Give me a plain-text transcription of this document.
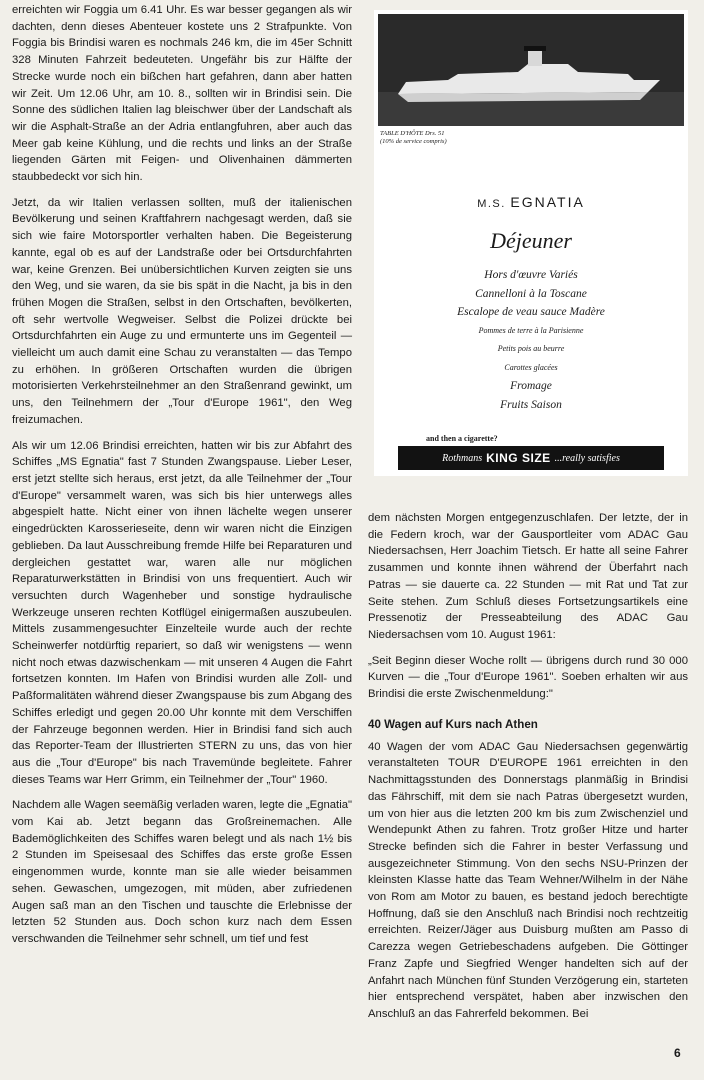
erreichten wir Foggia um 6.41 Uhr. Es war besser gegangen als wir dachten, denn dieses Abenteuer kostete uns 2 Strafpunkte. Von Foggia bis Brindisi waren es nochmals 246 km, die im 45er Schnitt 328 Minuten Fahrzeit bedeuteten. Ungefähr bis zur Hälfte der Strecke wurde noch ein bißchen hart gefahren, dann aber hatten wir Zeit. Um 12.06 Uhr, am 10. 8., sollten wir in Brindisi sein. Die Sonne des südlichen Italien lag bleischwer über der Landschaft als wir die Asphalt-Straße an der Adria entlangfuhren, aber auch das Meer gab keine Kühlung, und die rechts und links an der Straße liegenden Gärten mit Feigen- und Olivenhainen dämmerten staubbedeckt vor sich hin.

Jetzt, da wir Italien verlassen sollten, muß der italienischen Bevölkerung und seinen Kraftfahrern nachgesagt werden, daß sie sich wie faire Motorsportler verhalten haben. Die Begeisterung kannte, egal ob es auf der Landstraße oder bei Ortsdurchfahrten war, keine Grenzen. Bei unübersichtlichen Kurven zeigten sie uns den Weg, und sie waren, da sie bis spät in die Nacht, ja bis in den frühen Mogen die Straßen, selbst in den Ortschaften, bevölkerten, oft sehr wertvolle Wegweiser. Selbst die Polizei drückte bei Ortsdurchfahrten ein Auge zu und ermunterte uns im Gegenteil — vielleicht um auch damit eine Schau zu veranstalten — das Tempo zu erhöhen. In größeren Ortschaften wurden die übrigen motorisierten Verkehrsteilnehmer an den Straßenrand gewinkt, um uns, den Teilnehmern der „Tour d'Europe 1961", den Weg freizumachen.

Als wir um 12.06 Brindisi erreichten, hatten wir bis zur Abfahrt des Schiffes „MS Egnatia" fast 7 Stunden Zwangspause. Lieber Leser, erst jetzt stellte sich heraus, erst jetzt, da alle Teilnehmer der „Tour d'Europe" versammelt waren, was sich bis hier unterwegs alles abgespielt hatte. Nicht einer von ihnen lächelte wegen unserer eingedrückten Karosserieseite, denn wir waren nicht die Einzigen geblieben. Da laut Ausschreibung fremde Hilfe bei Reparaturen und dergleichen gestattet war, waren alle nur möglichen Reparaturwerkstätten in Brindisi von uns frequentiert. Auch wir versuchten durch Wagenheber und sonstige hydraulische Werkzeuge unseren rechten Kotflügel einigermaßen auszubeulen. Mittels zusammengesuchter Einzelteile wurde auch der rechte Scheinwerfer notdürftig repariert, so daß wir wenigstens — wenn nicht noch etwas dazwischenkam — mit unseren 4 Augen die Fahrt fortsetzen konnten. Im Hafen von Brindisi wurden alle Zoll- und Paßformalitäten während dieser Zwangspause bis zum Abgang des Schiffes erledigt und gegen 20.00 Uhr konnte mit dem Verschiffen der Fahrzeuge begonnen werden. Hier in Brindisi fand sich auch das Reporter-Team der Illustrierten STERN zu uns, das von hier aus die „Tour d'Europe" bis nach Travemünde begleitete. Fahrer dieses Teams war Herr Grimm, ein Teilnehmer der „Tour" 1960.

Nachdem alle Wagen seemäßig verladen waren, legte die „Egnatia" vom Kai ab. Jetzt begann das Großreinemachen. Alle Bademöglichkeiten des Schiffes waren belegt und als nach 1½ bis 2 Stunden im Speisesaal des Schiffes das erste große Essen eingenommen wurde, konnte man sie alle wieder beisammen sehen. Gewaschen, umgezogen, mit müden, aber zufriedenen Augen saß man an den Tischen und tauschte die Erlebnisse der letzten 52 Stunden aus. Doch schon kurz nach dem Essen verschwanden die Teilnehmer sehr schnell, um tief und fest

TABLE D'HÔTE Drs. 51
(10% de service compris)
M.S. EGNATIA
Déjeuner
Hors d'œuvre Variés
Cannelloni à la Toscane
Escalope de veau sauce Madère
Pommes de terre à la Parisienne
Petits pois au beurre
Carottes glacées
Fromage
Fruits Saison
and then a cigarette?
Rothmans KING SIZE ...really satisfies

dem nächsten Morgen entgegenzuschlafen. Der letzte, der in die Federn kroch, war der Gausportleiter vom ADAC Gau Niedersachsen, Herr Joachim Tietsch. Er hatte all seine Fahrer zusammen und konnte ihnen während der Überfahrt nach Patras — sie dauerte ca. 22 Stunden — mit Rat und Tat zur Seite stehen. Zum Schluß dieses Fortsetzungsartikels eine Pressenotiz der Presseabteilung des ADAC Gau Niedersachsen vom 10. August 1961:

„Seit Beginn dieser Woche rollt — übrigens durch rund 30 000 Kurven — die „Tour d'Europe 1961". Soeben erhalten wir aus Brindisi die erste Zwischenmeldung:"

40 Wagen auf Kurs nach Athen

40 Wagen der vom ADAC Gau Niedersachsen gegenwärtig veranstalteten TOUR D'EUROPE 1961 erreichten in den Nachmittagsstunden des Donnerstags planmäßig in Brindisi das Fährschiff, mit dem sie nach Patras übergesetzt wurden, um von hier aus die letzten 200 km bis zum Zwischenziel und Wendepunkt Athen zu fahren. Trotz großer Hitze und harter Strecke befinden sich die Fahrer in bester Verfassung und ausgezeichneter Stimmung. Von den sechs NSU-Prinzen der kleinsten Klasse hatte das Team Wehner/Wilhelm in der Nähe von Rom am Motor zu bauen, es bestand jedoch berechtigte Hoffnung, daß sie den Anschluß nach Brindisi noch rechtzeitig erreichten. Reizer/Jäger aus Duisburg mußten am Passo di Carezza wegen Getriebeschadens aufgeben. Die Göttinger Franz Zapfe und Siegfried Wenger handelten sich auf der Anfahrt nach München fünf Stunden Verzögerung ein, starteten hier entsprechend verspätet, haben aber inzwischen den Anschluß an das Fahrerfeld bekommen. Bei

6
